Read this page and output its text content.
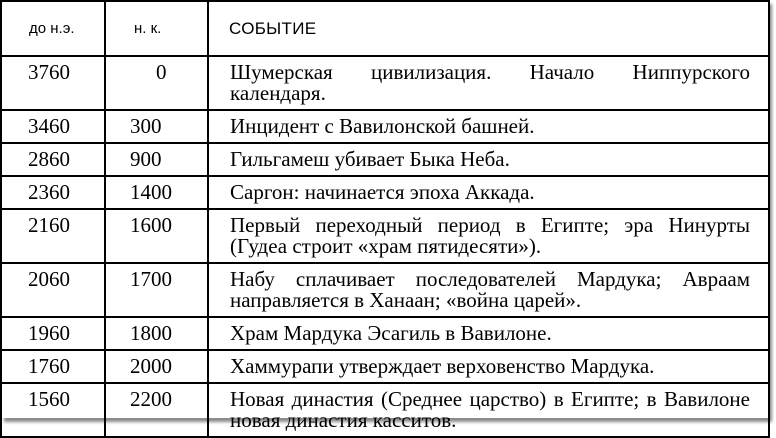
до н.э.	н. к.	СОБЫТИЕ
3760	0	Шумерская цивилизация. Начало Ниппурского календаря.
3460	300	Инцидент с Вавилонской башней.
2860	900	Гильгамеш убивает Быка Неба.
2360	1400	Саргон: начинается эпоха Аккада.
2160	1600	Первый переходный период в Египте; эра Нинурты (Гудеа строит «храм пятидесяти»).
2060	1700	Набу сплачивает последователей Мардука; Авраам направляется в Ханаан; «война царей».
1960	1800	Храм Мардука Эсагиль в Вавилоне.
1760	2000	Хаммурапи утверждает верховенство Мардука.
1560	2200	Новая династия (Среднее царство) в Египте; в Вавилоне новая династия касситов.
